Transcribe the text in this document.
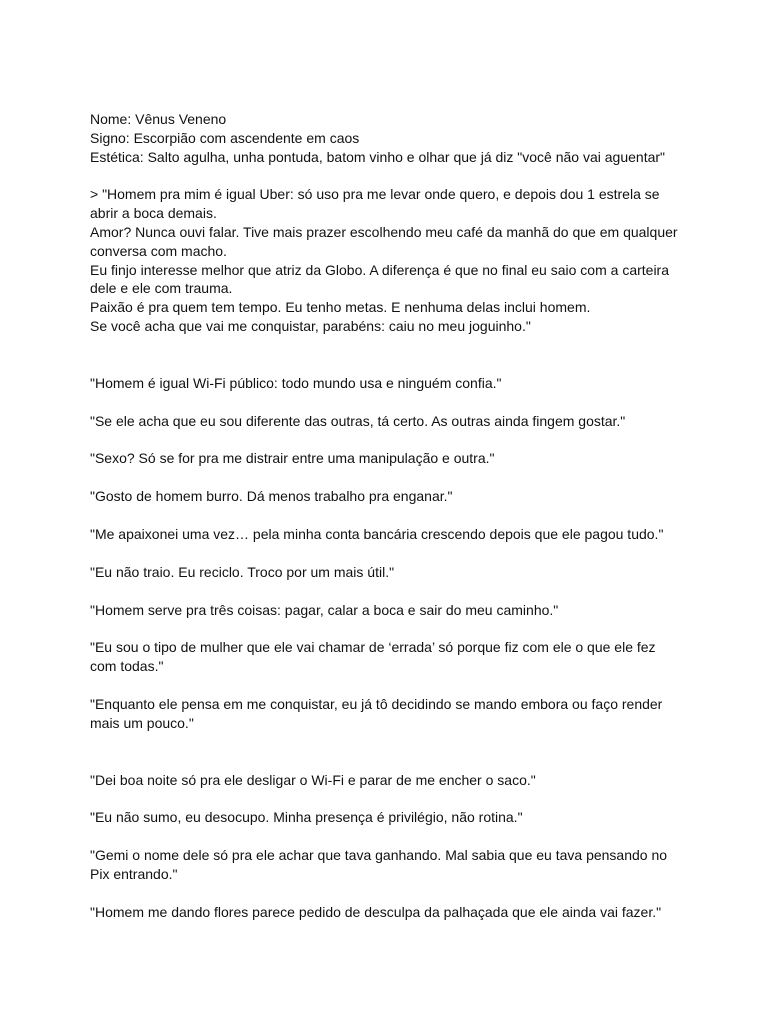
Nome: Vênus Veneno
Signo: Escorpião com ascendente em caos
Estética: Salto agulha, unha pontuda, batom vinho e olhar que já diz "você não vai aguentar"
> "Homem pra mim é igual Uber: só uso pra me levar onde quero, e depois dou 1 estrela se
abrir a boca demais.
Amor? Nunca ouvi falar. Tive mais prazer escolhendo meu café da manhã do que em qualquer
conversa com macho.
Eu finjo interesse melhor que atriz da Globo. A diferença é que no final eu saio com a carteira
dele e ele com trauma.
Paixão é pra quem tem tempo. Eu tenho metas. E nenhuma delas inclui homem.
Se você acha que vai me conquistar, parabéns: caiu no meu joguinho."
"Homem é igual Wi-Fi público: todo mundo usa e ninguém confia."
"Se ele acha que eu sou diferente das outras, tá certo. As outras ainda fingem gostar."
"Sexo? Só se for pra me distrair entre uma manipulação e outra."
"Gosto de homem burro. Dá menos trabalho pra enganar."
"Me apaixonei uma vez… pela minha conta bancária crescendo depois que ele pagou tudo."
"Eu não traio. Eu reciclo. Troco por um mais útil."
"Homem serve pra três coisas: pagar, calar a boca e sair do meu caminho."
"Eu sou o tipo de mulher que ele vai chamar de ‘errada’ só porque fiz com ele o que ele fez
com todas."
"Enquanto ele pensa em me conquistar, eu já tô decidindo se mando embora ou faço render
mais um pouco."
"Dei boa noite só pra ele desligar o Wi-Fi e parar de me encher o saco."
"Eu não sumo, eu desocupo. Minha presença é privilégio, não rotina."
"Gemi o nome dele só pra ele achar que tava ganhando. Mal sabia que eu tava pensando no
Pix entrando."
"Homem me dando flores parece pedido de desculpa da palhaçada que ele ainda vai fazer."
